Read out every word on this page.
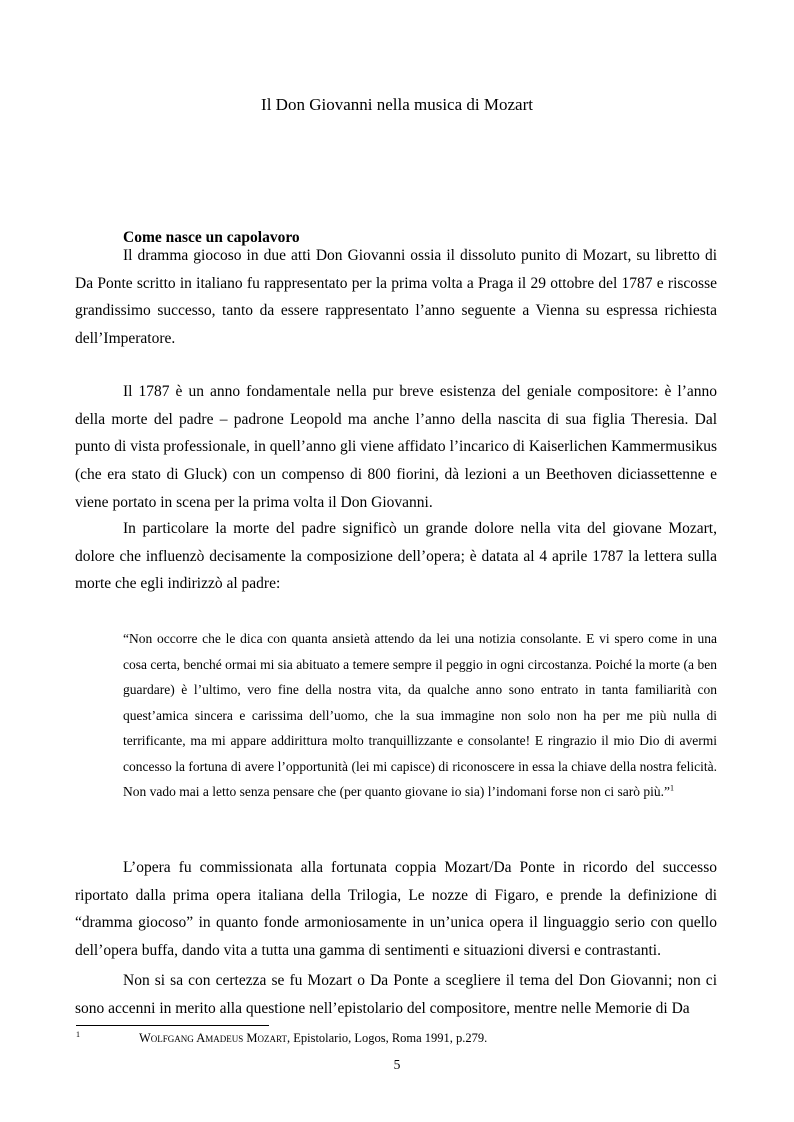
Il Don Giovanni nella musica di Mozart
Come nasce un capolavoro

Il dramma giocoso in due atti Don Giovanni ossia il dissoluto punito di Mozart, su libretto di Da Ponte scritto in italiano fu rappresentato per la prima volta a Praga il 29 ottobre del 1787 e riscosse grandissimo successo, tanto da essere rappresentato l’anno seguente a Vienna su espressa richiesta dell’Imperatore.

Il 1787 è un anno fondamentale nella pur breve esistenza del geniale compositore: è l’anno della morte del padre – padrone Leopold ma anche l’anno della nascita di sua figlia Theresia. Dal punto di vista professionale, in quell’anno gli viene affidato l’incarico di Kaiserlichen Kammermusikus (che era stato di Gluck) con un compenso di 800 fiorini, dà lezioni a un Beethoven diciassettenne e viene portato in scena per la prima volta il Don Giovanni.

In particolare la morte del padre significò un grande dolore nella vita del giovane Mozart, dolore che influenzò decisamente la composizione dell’opera; è datata al 4 aprile 1787 la lettera sulla morte che egli indirizzò al padre:

“Non occorre che le dica con quanta ansietà attendo da lei una notizia consolante. E vi spero come in una cosa certa, benché ormai mi sia abituato a temere sempre il peggio in ogni circostanza. Poiché la morte (a ben guardare) è l’ultimo, vero fine della nostra vita, da qualche anno sono entrato in tanta familiarità con quest’amica sincera e carissima dell’uomo, che la sua immagine non solo non ha per me più nulla di terrificante, ma mi appare addirittura molto tranquillizzante e consolante! E ringrazio il mio Dio di avermi concesso la fortuna di avere l’opportunità (lei mi capisce) di riconoscere in essa la chiave della nostra felicità. Non vado mai a letto senza pensare che (per quanto giovane io sia) l’indomani forse non ci sarò più.”$^1$

L’opera fu commissionata alla fortunata coppia Mozart/Da Ponte in ricordo del successo riportato dalla prima opera italiana della Trilogia, Le nozze di Figaro, e prende la definizione di “dramma giocoso” in quanto fonde armoniosamente in un’unica opera il linguaggio serio con quello dell’opera buffa, dando vita a tutta una gamma di sentimenti e situazioni diversi e contrastanti.

Non si sa con certezza se fu Mozart o Da Ponte a scegliere il tema del Don Giovanni; non ci sono accenni in merito alla questione nell’epistolario del compositore, mentre nelle Memorie di Da

1	Wolfgang Amadeus Mozart, Epistolario, Logos, Roma 1991, p.279.

5
